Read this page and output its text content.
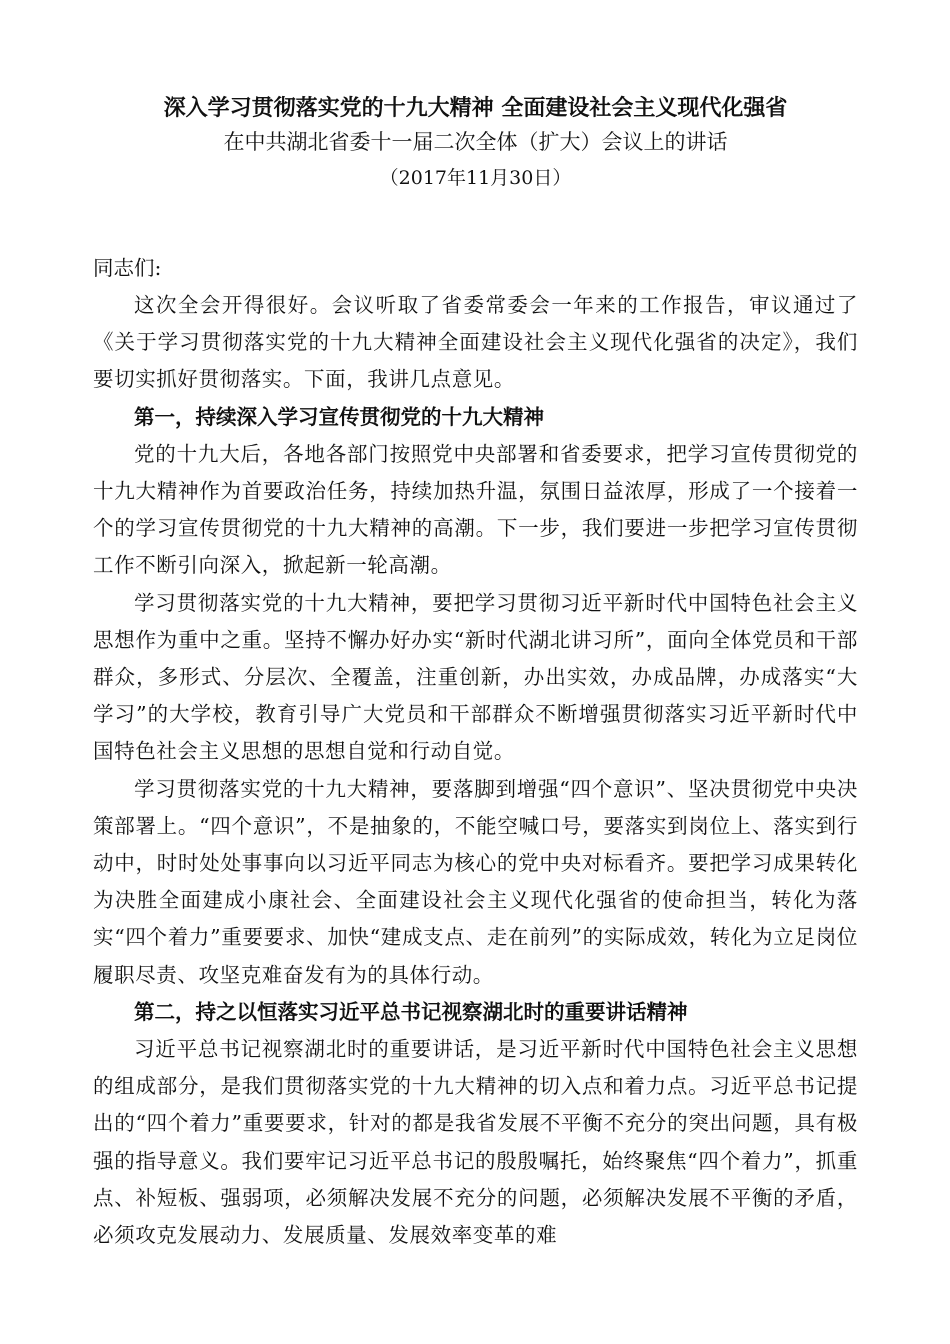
深入学习贯彻落实党的十九大精神 全面建设社会主义现代化强省

在中共湖北省委十一届二次全体（扩大）会议上的讲话

（2017年11月30日）

同志们:

这次全会开得很好。会议听取了省委常委会一年来的工作报告，审议通过了《关于学习贯彻落实党的十九大精神全面建设社会主义现代化强省的决定》，我们要切实抓好贯彻落实。下面，我讲几点意见。

第一，持续深入学习宣传贯彻党的十九大精神

党的十九大后，各地各部门按照党中央部署和省委要求，把学习宣传贯彻党的十九大精神作为首要政治任务，持续加热升温，氛围日益浓厚，形成了一个接着一个的学习宣传贯彻党的十九大精神的高潮。下一步，我们要进一步把学习宣传贯彻工作不断引向深入，掀起新一轮高潮。

学习贯彻落实党的十九大精神，要把学习贯彻习近平新时代中国特色社会主义思想作为重中之重。坚持不懈办好办实“新时代湖北讲习所”，面向全体党员和干部群众，多形式、分层次、全覆盖，注重创新，办出实效，办成品牌，办成落实“大学习”的大学校，教育引导广大党员和干部群众不断增强贯彻落实习近平新时代中国特色社会主义思想的思想自觉和行动自觉。

学习贯彻落实党的十九大精神，要落脚到增强“四个意识”、坚决贯彻党中央决策部署上。“四个意识”，不是抽象的，不能空喊口号，要落实到岗位上、落实到行动中，时时处处事事向以习近平同志为核心的党中央对标看齐。要把学习成果转化为决胜全面建成小康社会、全面建设社会主义现代化强省的使命担当，转化为落实“四个着力”重要要求、加快“建成支点、走在前列”的实际成效，转化为立足岗位履职尽责、攻坚克难奋发有为的具体行动。

第二，持之以恒落实习近平总书记视察湖北时的重要讲话精神

习近平总书记视察湖北时的重要讲话，是习近平新时代中国特色社会主义思想的组成部分，是我们贯彻落实党的十九大精神的切入点和着力点。习近平总书记提出的“四个着力”重要要求，针对的都是我省发展不平衡不充分的突出问题，具有极强的指导意义。我们要牢记习近平总书记的殷殷嘱托，始终聚焦“四个着力”，抓重点、补短板、强弱项，必须解决发展不充分的问题，必须解决发展不平衡的矛盾，必须攻克发展动力、发展质量、发展效率变革的难
